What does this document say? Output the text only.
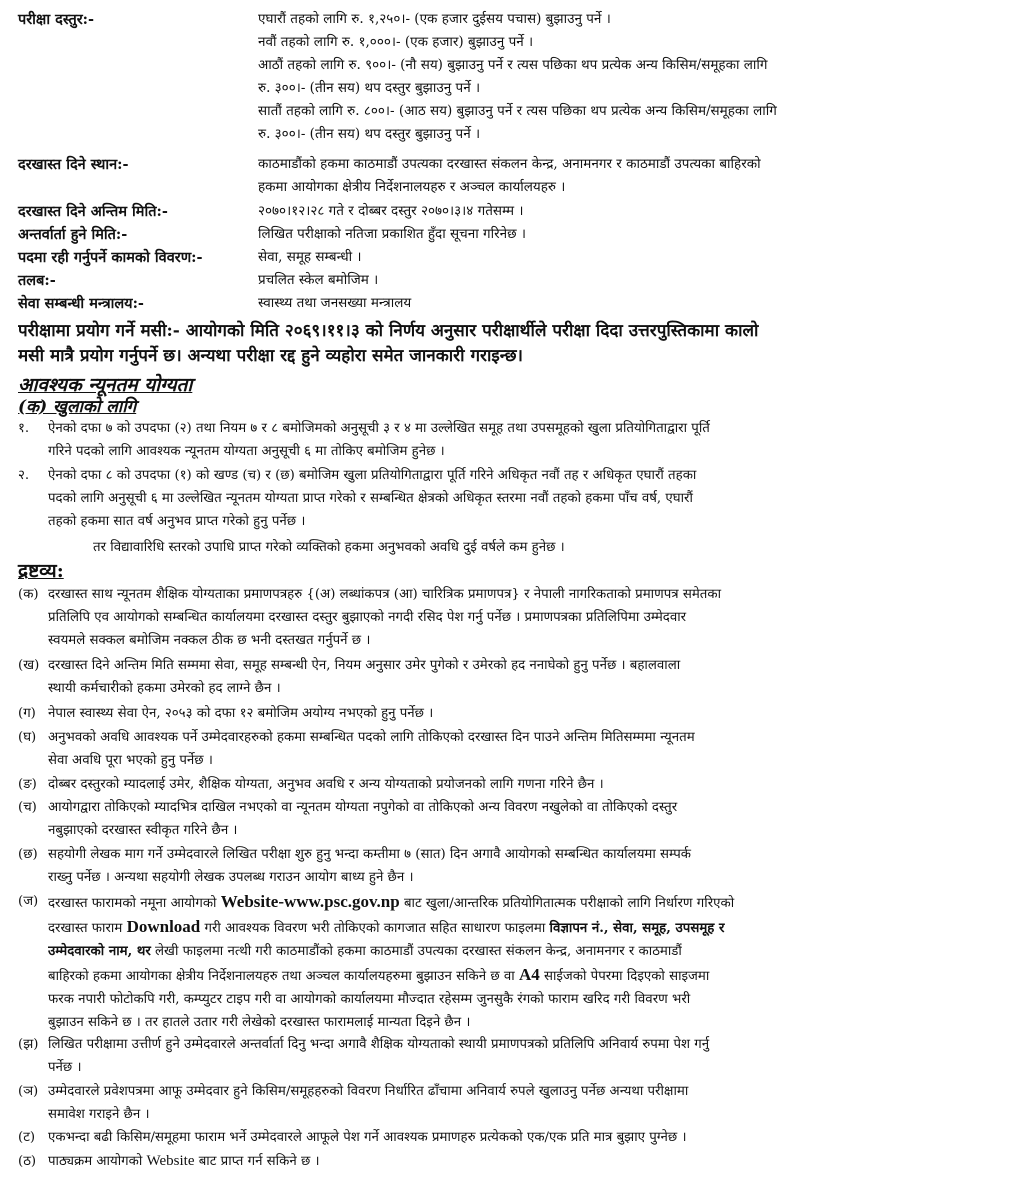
परीक्षा दस्तुर:-	एघारौं तहको लागि रु. १,२५०।- (एक हजार दुईसय पचास) बुझाउनु पर्ने ।
नवौं तहको लागि रु. १,०००।- (एक हजार) बुझाउनु पर्ने ।
आठौं तहको लागि रु. ९००।- (नौ सय) बुझाउनु पर्ने र त्यस पछिका थप प्रत्येक अन्य किसिम/समूहका लागि
रु. ३००।- (तीन सय) थप दस्तुर बुझाउनु पर्ने ।
सातौं तहको लागि रु. ८००।- (आठ सय) बुझाउनु पर्ने र त्यस पछिका थप प्रत्येक अन्य किसिम/समूहका लागि
रु. ३००।- (तीन सय) थप दस्तुर बुझाउनु पर्ने ।
दरखास्त दिने स्थान:-	काठमाडौंको हकमा काठमाडौं उपत्यका दरखास्त संकलन केन्द्र, अनामनगर र काठमाडौं उपत्यका बाहिरको
हकमा आयोगका क्षेत्रीय निर्देशनालयहरु र अञ्चल कार्यालयहरु ।
दरखास्त दिने अन्तिम मिति:-	२०७०।१२।२८ गते र दोब्बर दस्तुर २०७०।३।४ गतेसम्म ।
अन्तर्वार्ता हुने मिति:-	लिखित परीक्षाको नतिजा प्रकाशित हुँदा सूचना गरिनेछ ।
पदमा रही गर्नुपर्ने कामको विवरण:-	सेवा, समूह सम्बन्धी ।
तलब:-	प्रचलित स्केल बमोजिम ।
सेवा सम्बन्धी मन्त्रालय:-	स्वास्थ्य तथा जनसख्या मन्त्रालय
परीक्षामा प्रयोग गर्ने मसी:- आयोगको मिति २०६९।११।३ को निर्णय अनुसार परीक्षार्थीले परीक्षा दिदा उत्तरपुस्तिकामा कालो
मसी मात्रै प्रयोग गर्नुपर्ने छ। अन्यथा परीक्षा रद्द हुने व्यहोरा समेत जानकारी गराइन्छ।
आवश्यक न्यूनतम योग्यता
(क) खुलाको लागि
१.	ऐनको दफा ७ को उपदफा (२) तथा नियम ७ र ८ बमोजिमको अनुसूची ३ र ४ मा उल्लेखित समूह तथा उपसमूहको खुला प्रतियोगिताद्वारा पूर्ति
गरिने पदको लागि आवश्यक न्यूनतम योग्यता अनुसूची ६ मा तोकिए बमोजिम हुनेछ ।
२.	ऐनको दफा ८ को उपदफा (१) को खण्ड (च) र (छ) बमोजिम खुला प्रतियोगिताद्वारा पूर्ति गरिने अधिकृत नवौं तह र अधिकृत एघारौं तहका
पदको लागि अनुसूची ६ मा उल्लेखित न्यूनतम योग्यता प्राप्त गरेको र सम्बन्धित क्षेत्रको अधिकृत स्तरमा नवौं तहको हकमा पाँच वर्ष, एघारौं
तहको हकमा सात वर्ष अनुभव प्राप्त गरेको हुनु पर्नेछ ।
तर विद्यावारिधि स्तरको उपाधि प्राप्त गरेको व्यक्तिको हकमा अनुभवको अवधि दुई वर्षले कम हुनेछ ।
द्रष्टव्य:
(क) दरखास्त साथ न्यूनतम शैक्षिक योग्यताका प्रमाणपत्रहरु {(अ) लब्धांकपत्र (आ) चारित्रिक प्रमाणपत्र} र नेपाली नागरिकताको प्रमाणपत्र समेतका
प्रतिलिपि एव आयोगको सम्बन्धित कार्यालयमा दरखास्त दस्तुर बुझाएको नगदी रसिद पेश गर्नु पर्नेछ । प्रमाणपत्रका प्रतिलिपिमा उम्मेदवार
स्वयमले सक्कल बमोजिम नक्कल ठीक छ भनी दस्तखत गर्नुपर्ने छ ।
(ख) दरखास्त दिने अन्तिम मिति सम्ममा सेवा, समूह सम्बन्धी ऐन, नियम अनुसार उमेर पुगेको र उमेरको हद ननाघेको हुनु पर्नेछ । बहालवाला
स्थायी कर्मचारीको हकमा उमेरको हद लाग्ने छैन ।
(ग) नेपाल स्वास्थ्य सेवा ऐन, २०५३ को दफा १२ बमोजिम अयोग्य नभएको हुनु पर्नेछ ।
(घ) अनुभवको अवधि आवश्यक पर्ने उम्मेदवारहरुको हकमा सम्बन्धित पदको लागि तोकिएको दरखास्त दिन पाउने अन्तिम मितिसम्ममा न्यूनतम
सेवा अवधि पूरा भएको हुनु पर्नेछ ।
(ङ) दोब्बर दस्तुरको म्यादलाई उमेर, शैक्षिक योग्यता, अनुभव अवधि र अन्य योग्यताको प्रयोजनको लागि गणना गरिने छैन ।
(च) आयोगद्वारा तोकिएको म्यादभित्र दाखिल नभएको वा न्यूनतम योग्यता नपुगेको वा तोकिएको अन्य विवरण नखुलेको वा तोकिएको दस्तुर
नबुझाएको दरखास्त स्वीकृत गरिने छैन ।
(छ) सहयोगी लेखक माग गर्ने उम्मेदवारले लिखित परीक्षा शुरु हुनु भन्दा कम्तीमा ७ (सात) दिन अगावै आयोगको सम्बन्धित कार्यालयमा सम्पर्क
राख्नु पर्नेछ । अन्यथा सहयोगी लेखक उपलब्ध गराउन आयोग बाध्य हुने छैन ।
(ज) दरखास्त फारामको नमूना आयोगको Website-www.psc.gov.np बाट खुला/आन्तरिक प्रतियोगितात्मक परीक्षाको लागि निर्धारण गरिएको
दरखास्त फाराम Download गरी आवश्यक विवरण भरी तोकिएको कागजात सहित साधारण फाइलमा विज्ञापन नं., सेवा, समूह, उपसमूह र
उम्मेदवारको नाम, थर लेखी फाइलमा नत्थी गरी काठमाडौंको हकमा काठमाडौं उपत्यका दरखास्त संकलन केन्द्र, अनामनगर र काठमाडौं
बाहिरको हकमा आयोगका क्षेत्रीय निर्देशनालयहरु तथा अञ्चल कार्यालयहरुमा बुझाउन सकिने छ वा A4 साईजको पेपरमा दिइएको साइजमा
फरक नपारी फोटोकपि गरी, कम्प्युटर टाइप गरी वा आयोगको कार्यालयमा मौज्दात रहेसम्म जुनसुकै रंगको फाराम खरिद गरी विवरण भरी
बुझाउन सकिने छ । तर हातले उतार गरी लेखेको दरखास्त फारामलाई मान्यता दिइने छैन ।
(झ) लिखित परीक्षामा उत्तीर्ण हुने उम्मेदवारले अन्तर्वार्ता दिनु भन्दा अगावै शैक्षिक योग्यताको स्थायी प्रमाणपत्रको प्रतिलिपि अनिवार्य रुपमा पेश गर्नु
पर्नेछ ।
(ञ) उम्मेदवारले प्रवेशपत्रमा आफू उम्मेदवार हुने किसिम/समूहहरुको विवरण निर्धारित ढाँचामा अनिवार्य रुपले खुलाउनु पर्नेछ अन्यथा परीक्षामा
समावेश गराइने छैन ।
(ट) एकभन्दा बढी किसिम/समूहमा फाराम भर्ने उम्मेदवारले आफूले पेश गर्ने आवश्यक प्रमाणहरु प्रत्येकको एक/एक प्रति मात्र बुझाए पुग्नेछ ।
(ठ) पाठ्यक्रम आयोगको Website बाट प्राप्त गर्न सकिने छ ।
